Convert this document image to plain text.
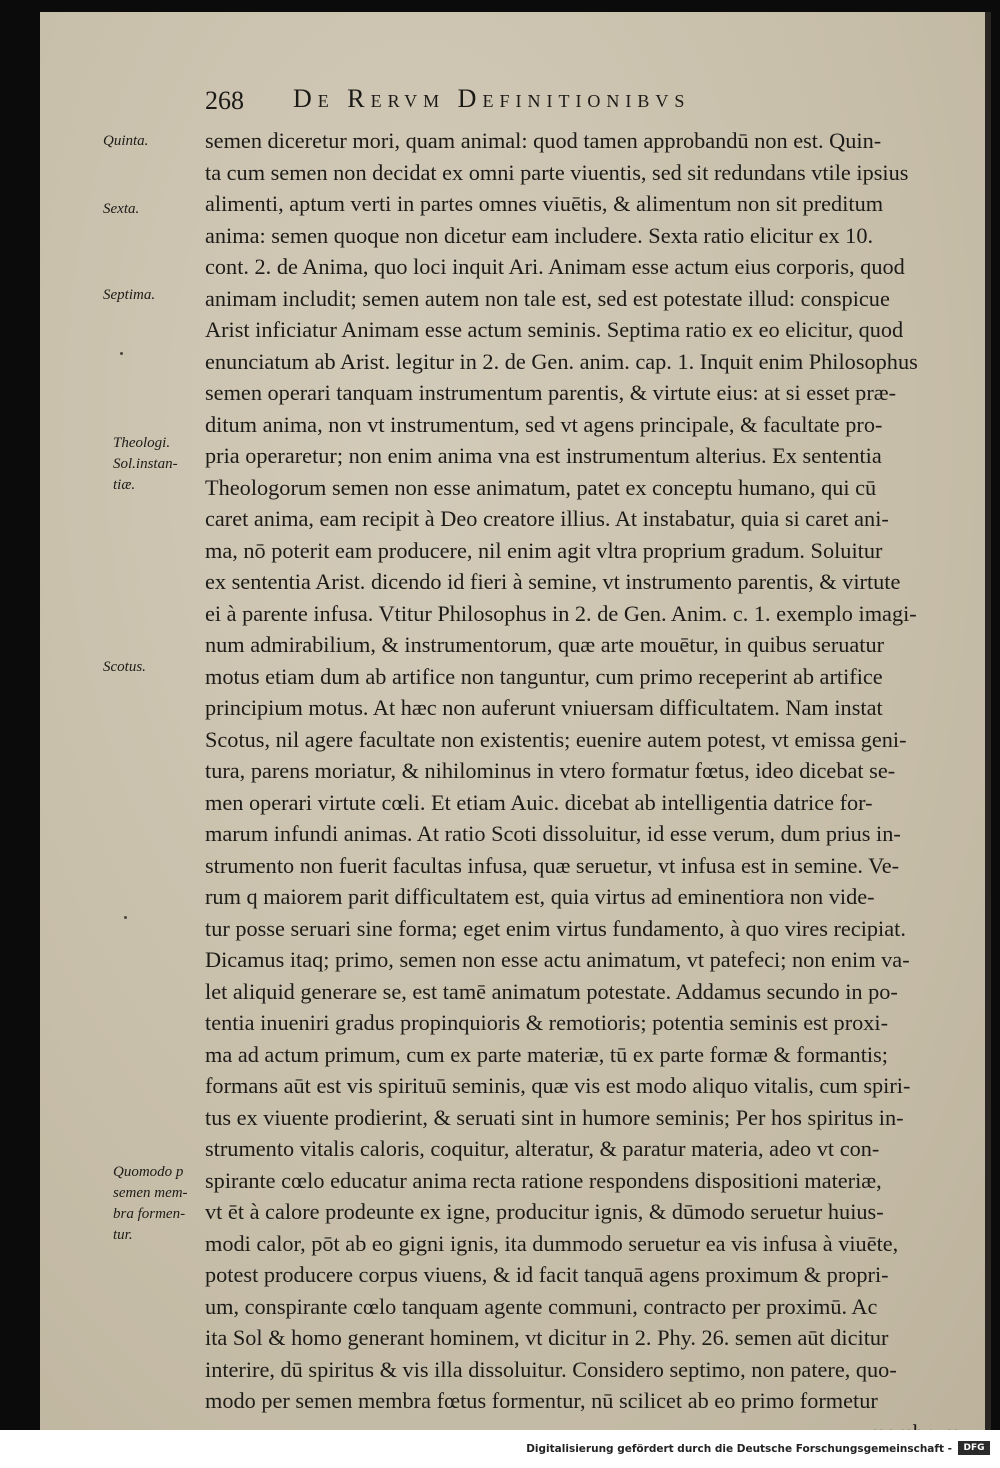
268 De Rervm Definitionibvs
Quinta.
Sexta.
Septima.
Theologi.
Sol.instan-
tiæ.
Scotus.
Quomodo p
semen mem-
bra formen-
tur.
semen diceretur mori, quam animal: quod tamen approbandū non est. Quin-
ta cum semen non decidat ex omni parte viuentis, sed sit redundans vtile ipsius
alimenti, aptum verti in partes omnes viuētis, & alimentum non sit preditum
anima: semen quoque non dicetur eam includere. Sexta ratio elicitur ex 10.
cont. 2. de Anima, quo loci inquit Ari. Animam esse actum eius corporis, quod
animam includit; semen autem non tale est, sed est potestate illud: conspicue
Arist inficiatur Animam esse actum seminis. Septima ratio ex eo elicitur, quod
enunciatum ab Arist. legitur in 2. de Gen. anim. cap. 1. Inquit enim Philosophus
semen operari tanquam instrumentum parentis, & virtute eius: at si esset præ-
ditum anima, non vt instrumentum, sed vt agens principale, & facultate pro-
pria operaretur; non enim anima vna est instrumentum alterius. Ex sententia
Theologorum semen non esse animatum, patet ex conceptu humano, qui cū
caret anima, eam recipit à Deo creatore illius. At instabatur, quia si caret ani-
ma, nō poterit eam producere, nil enim agit vltra proprium gradum. Soluitur
ex sententia Arist. dicendo id fieri à semine, vt instrumento parentis, & virtute
ei à parente infusa. Vtitur Philosophus in 2. de Gen. Anim. c. 1. exemplo imagi-
num admirabilium, & instrumentorum, quæ arte mouētur, in quibus seruatur
motus etiam dum ab artifice non tanguntur, cum primo receperint ab artifice
principium motus. At hæc non auferunt vniuersam difficultatem. Nam instat
Scotus, nil agere facultate non existentis; euenire autem potest, vt emissa geni-
tura, parens moriatur, & nihilominus in vtero formatur fœtus, ideo dicebat se-
men operari virtute cœli. Et etiam Auic. dicebat ab intelligentia datrice for-
marum infundi animas. At ratio Scoti dissoluitur, id esse verum, dum prius in-
strumento non fuerit facultas infusa, quæ seruetur, vt infusa est in semine. Ve-
rum q maiorem parit difficultatem est, quia virtus ad eminentiora non vide-
tur posse seruari sine forma; eget enim virtus fundamento, à quo vires recipiat.
Dicamus itaq; primo, semen non esse actu animatum, vt patefeci; non enim va-
let aliquid generare se, est tamē animatum potestate. Addamus secundo in po-
tentia inueniri gradus propinquioris & remotioris; potentia seminis est proxi-
ma ad actum primum, cum ex parte materiæ, tū ex parte formæ & formantis;
formans aūt est vis spirituū seminis, quæ vis est modo aliquo vitalis, cum spiri-
tus ex viuente prodierint, & seruati sint in humore seminis; Per hos spiritus in-
strumento vitalis caloris, coquitur, alteratur, & paratur materia, adeo vt con-
spirante cœlo educatur anima recta ratione respondens dispositioni materiæ,
vt ēt à calore prodeunte ex igne, producitur ignis, & dūmodo seruetur huius-
modi calor, pōt ab eo gigni ignis, ita dummodo seruetur ea vis infusa à viuēte,
potest producere corpus viuens, & id facit tanquā agens proximum & propri-
um, conspirante cœlo tanquam agente communi, contracto per proximū. Ac
ita Sol & homo generant hominem, vt dicitur in 2. Phy. 26. semen aūt dicitur
interire, dū spiritus & vis illa dissoluitur. Considero septimo, non patere, quo-
modo per semen membra fœtus formentur, nū scilicet ab eo primo formetur
Digitalisierung gefördert durch die Deutsche Forschungsgemeinschaft -	DFG
